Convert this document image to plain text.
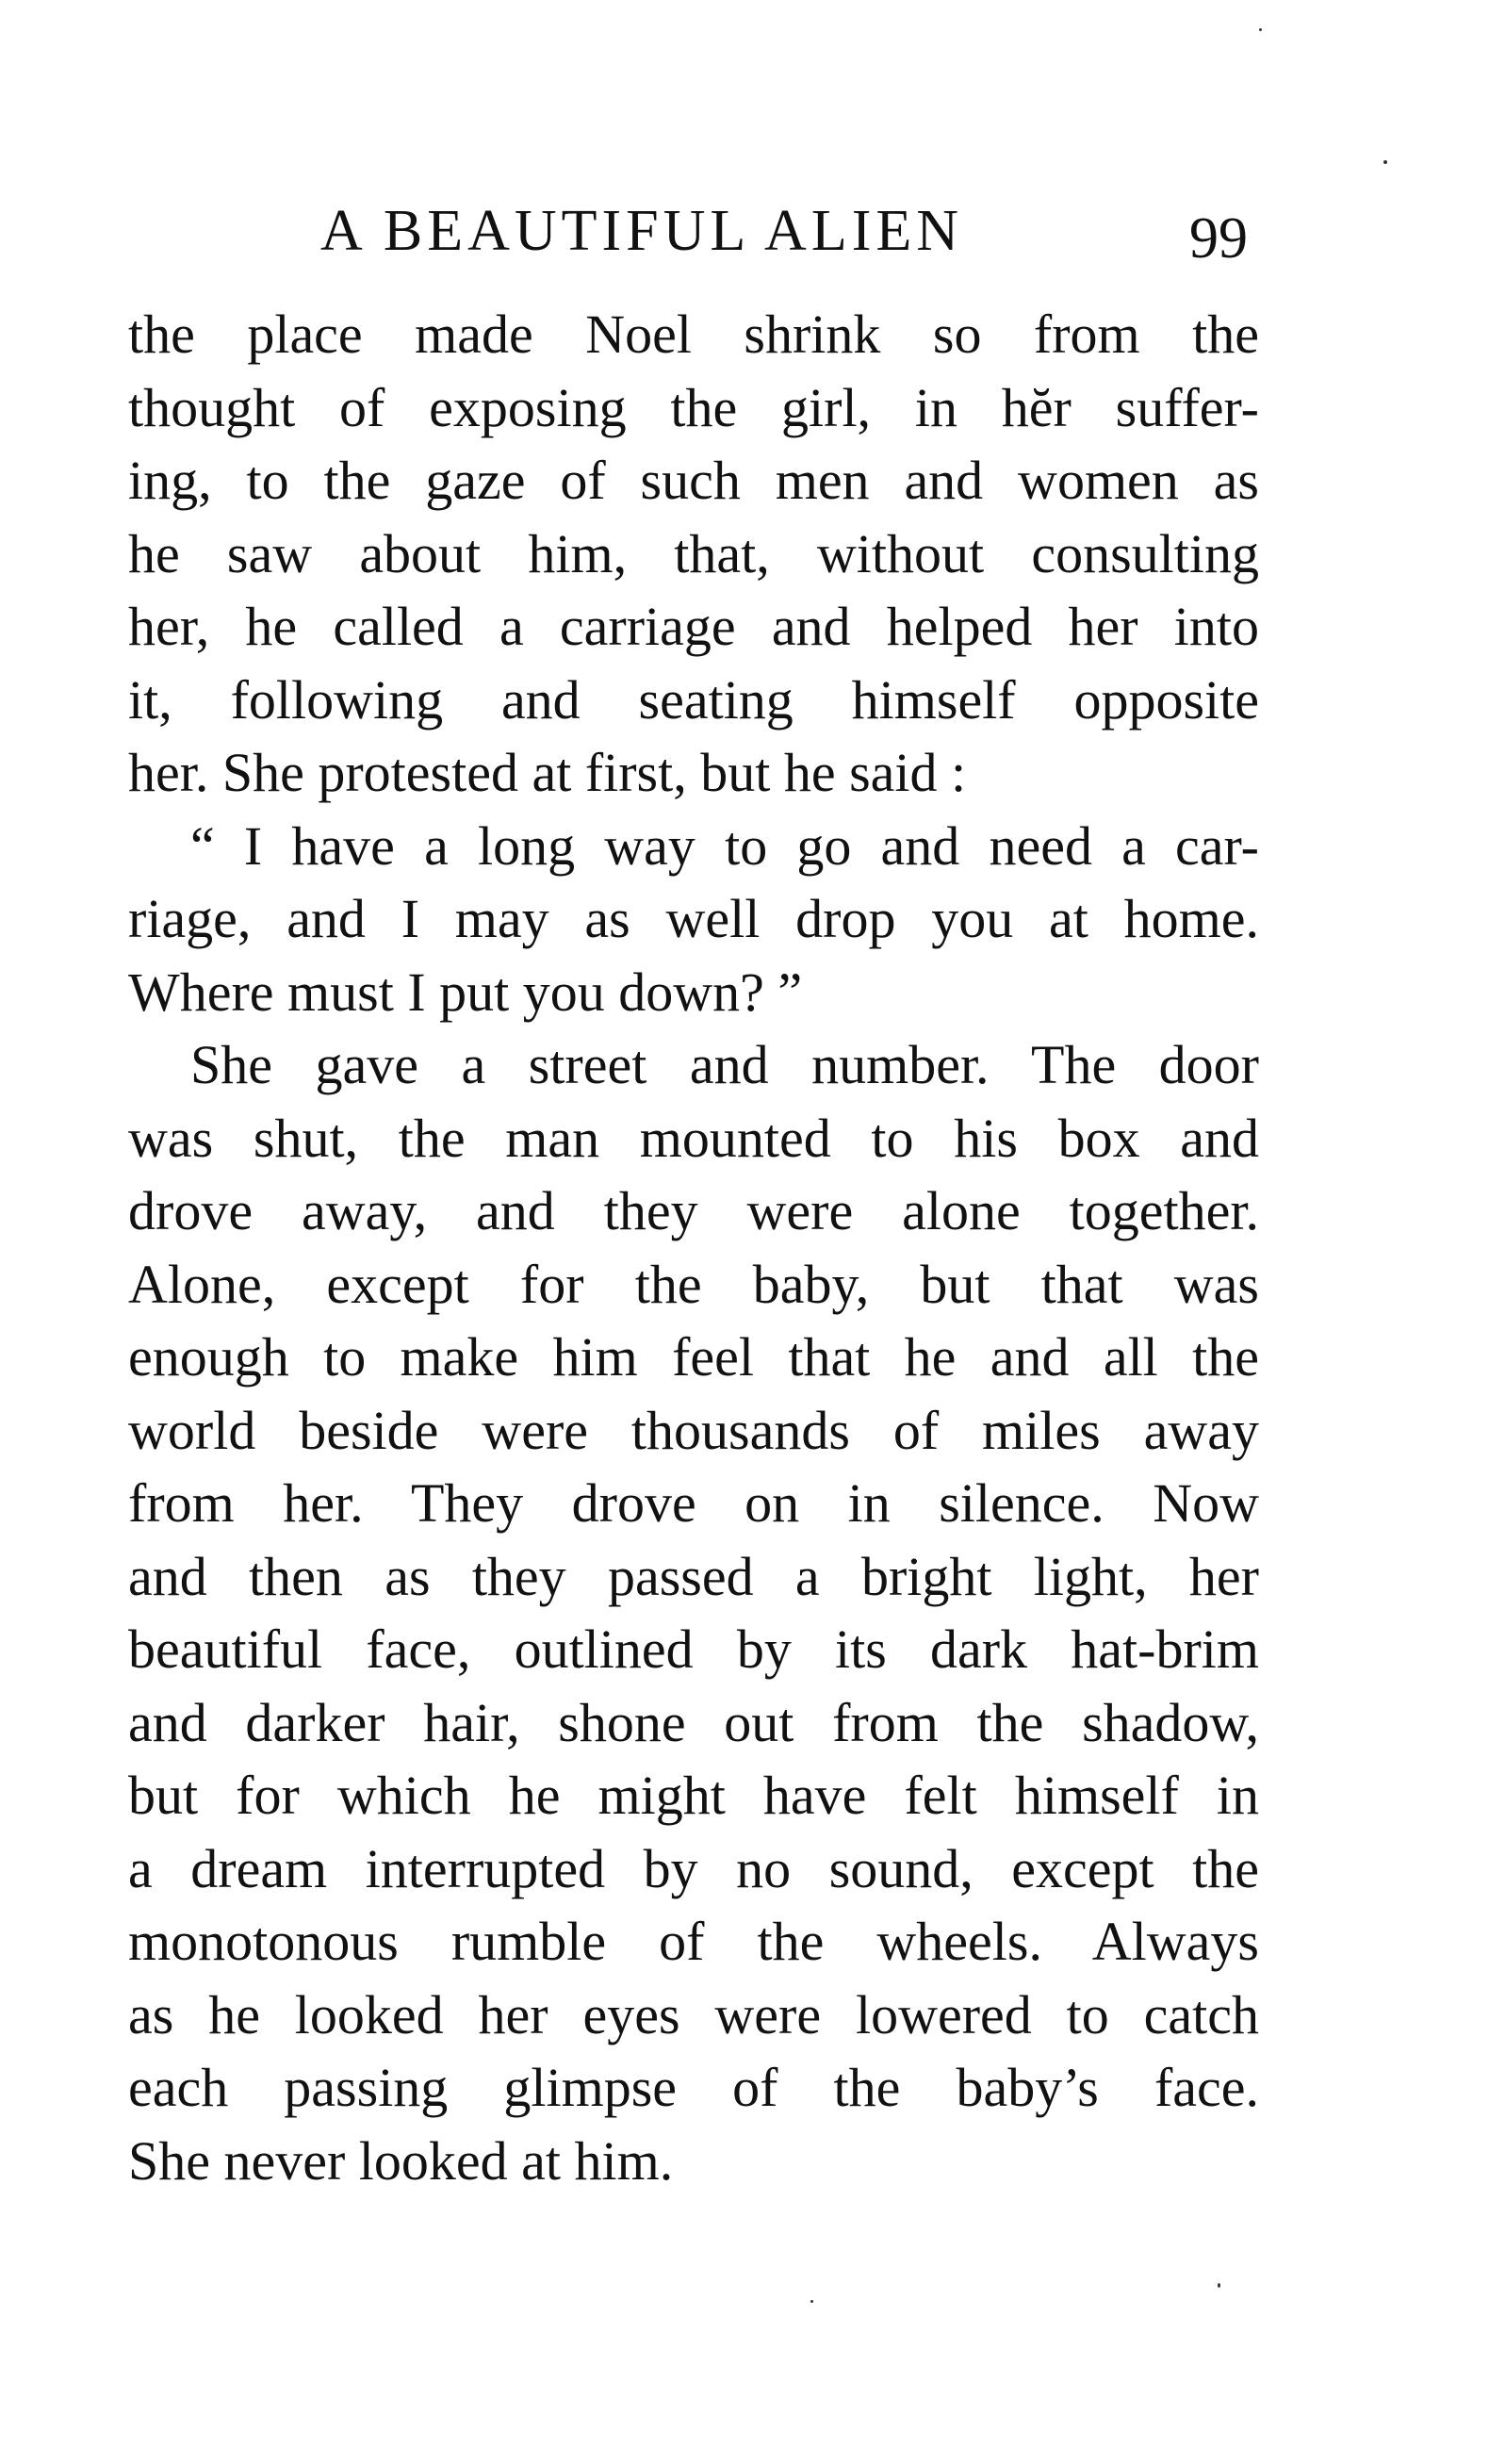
A BEAUTIFUL ALIEN	99
the place made Noel shrink so from the
thought of exposing the girl, in hĕr suffer-
ing, to the gaze of such men and women as
he saw about him, that, without consulting
her, he called a carriage and helped her into
it, following and seating himself opposite
her. She protested at first, but he said :
“ I have a long way to go and need a car-
riage, and I may as well drop you at home.
Where must I put you down? ”
She gave a street and number. The door
was shut, the man mounted to his box and
drove away, and they were alone together.
Alone, except for the baby, but that was
enough to make him feel that he and all the
world beside were thousands of miles away
from her. They drove on in silence. Now
and then as they passed a bright light, her
beautiful face, outlined by its dark hat-brim
and darker hair, shone out from the shadow,
but for which he might have felt himself in
a dream interrupted by no sound, except the
monotonous rumble of the wheels. Always
as he looked her eyes were lowered to catch
each passing glimpse of the baby’s face.
She never looked at him.
